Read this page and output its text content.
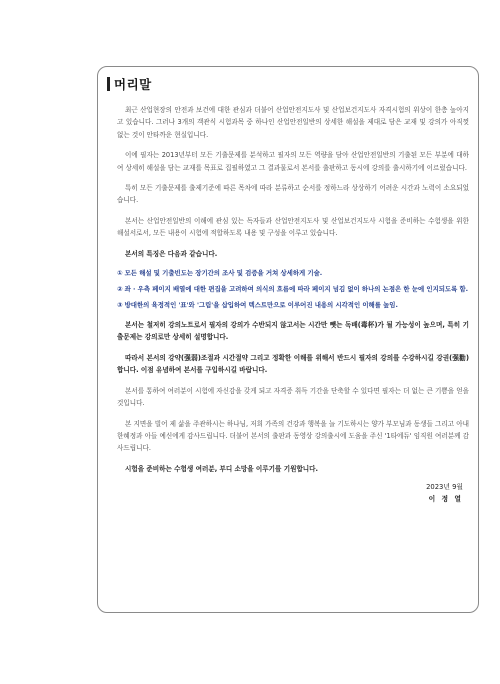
머리말

최근 산업현장의 안전과 보건에 대한 관심과 더불어 산업안전지도사 및 산업보건지도사 자격시험의 위상이 한층 높아지고 있습니다. 그러나 3개의 객관식 시험과목 중 하나인 산업안전일반의 상세한 해설을 제대로 담은 교재 및 강의가 아직껏 없는 것이 안타까운 현실입니다.

이에 필자는 2013년부터 모든 기출문제를 분석하고 필자의 모든 역량을 담아 산업안전일반의 기출된 모든 부분에 대하여 상세히 해설을 담는 교재를 목표로 집필하였고 그 결과물로서 본서를 출판하고 동시에 강의를 출시하기에 이르렀습니다.

특히 모든 기출문제를 출제기준에 따른 목차에 따라 분류하고 순서를 정하느라 상상하기 어려운 시간과 노력이 소요되었습니다.

본서는 산업안전일반의 이해에 관심 있는 독자들과 산업안전지도사 및 산업보건지도사 시험을 준비하는 수험생을 위한 해설서로서, 모든 내용이 시험에 적합하도록 내용 및 구성을 이루고 있습니다.

본서의 특징은 다음과 같습니다.

① 모든 해설 및 기출빈도는 장기간의 조사 및 검증을 거쳐 상세하게 기술.
② 좌 · 우측 페이지 배열에 대한 편집을 고려하여 의식의 흐름에 따라 페이지 넘김 없이 하나의 논점은 한 눈에 인지되도록 함.
③ 방대한의 육정적인 '표'와 '그림'을 삽입하여 텍스트만으로 이루어진 내용의 시각적인 이해를 높임.

본서는 철저히 강의노트로서 필자의 강의가 수반되지 않고서는 시간만 뺏는 독배(毒杯)가 될 가능성이 높으며, 특히 기출문제는 강의로만 상세히 설명합니다.

따라서 본서의 강약(强弱)조절과 시간절약 그리고 정확한 이해를 위해서 반드시 필자의 강의를 수강하시길 강권(强勸)합니다. 이점 유념하여 본서를 구입하시길 바랍니다.

본서를 통하여 여러분이 시험에 자신감을 갖게 되고 자격증 취득 기간을 단축할 수 있다면 필자는 더 없는 큰 기쁨을 얻을 것입니다.

본 지면을 빌어 제 삶을 주관하시는 하나님, 저희 가족의 건강과 행복을 늘 기도하시는 양가 부모님과 동생들 그리고 아내 한혜정과 아들 예신에게 감사드립니다. 더불어 본서의 출판과 동영상 강의출시에 도움을 주신 '1타에듀' 임직원 여러분께 감사드립니다.

시험을 준비하는 수험생 여러분, 부디 소망을 이루기를 기원합니다.

2023년 9월
이 정 열
